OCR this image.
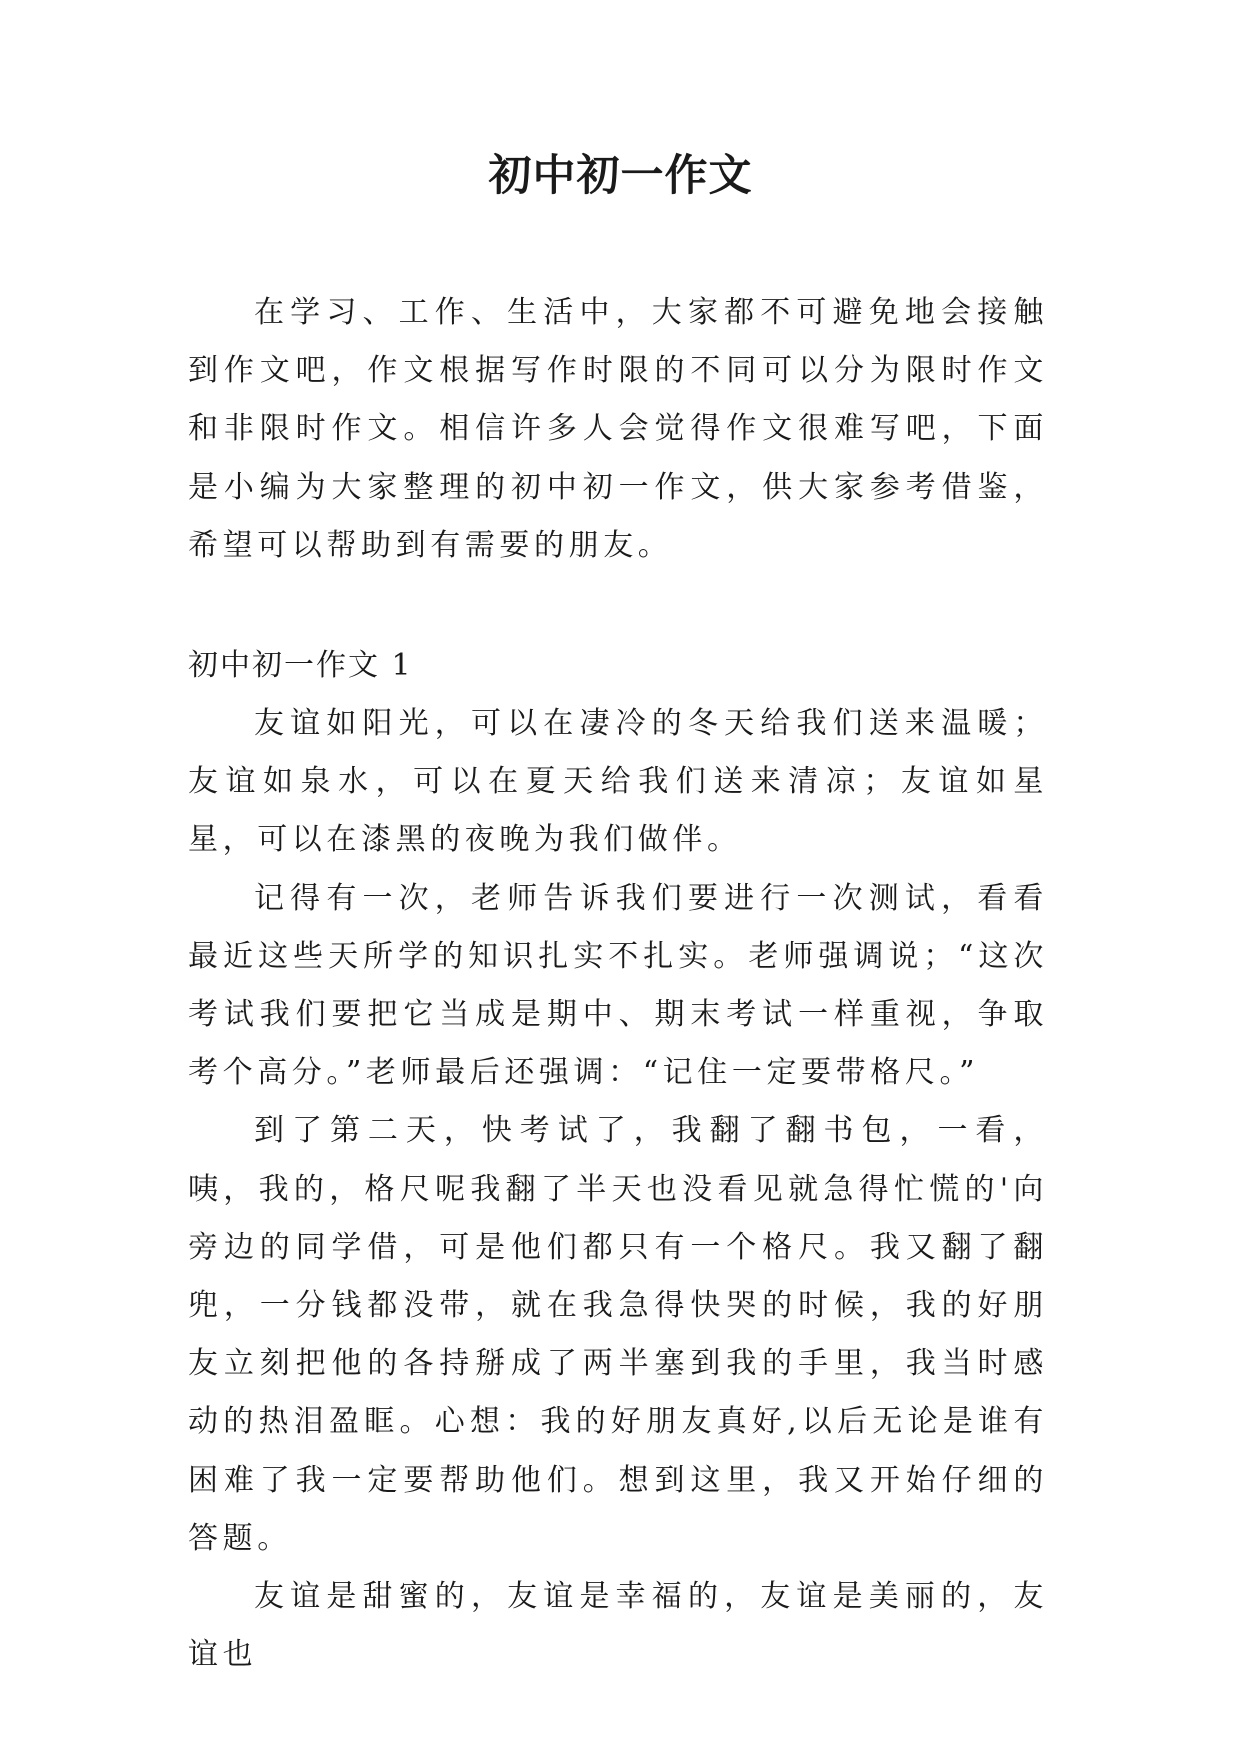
初中初一作文

在学习、工作、生活中，大家都不可避免地会接触到作文吧，作文根据写作时限的不同可以分为限时作文和非限时作文。相信许多人会觉得作文很难写吧，下面是小编为大家整理的初中初一作文，供大家参考借鉴，希望可以帮助到有需要的朋友。

初中初一作文 1

友谊如阳光，可以在凄冷的冬天给我们送来温暖；友谊如泉水，可以在夏天给我们送来清凉；友谊如星星，可以在漆黑的夜晚为我们做伴。

记得有一次，老师告诉我们要进行一次测试，看看最近这些天所学的知识扎实不扎实。老师强调说；“这次考试我们要把它当成是期中、期末考试一样重视，争取考个高分。”老师最后还强调：“记住一定要带格尺。”

到了第二天，快考试了，我翻了翻书包，一看，咦，我的，格尺呢我翻了半天也没看见就急得忙慌的'向旁边的同学借，可是他们都只有一个格尺。我又翻了翻兜，一分钱都没带，就在我急得快哭的时候，我的好朋友立刻把他的各持掰成了两半塞到我的手里，我当时感动的热泪盈眶。心想：我的好朋友真好,以后无论是谁有困难了我一定要帮助他们。想到这里，我又开始仔细的答题。

友谊是甜蜜的，友谊是幸福的，友谊是美丽的，友谊也
